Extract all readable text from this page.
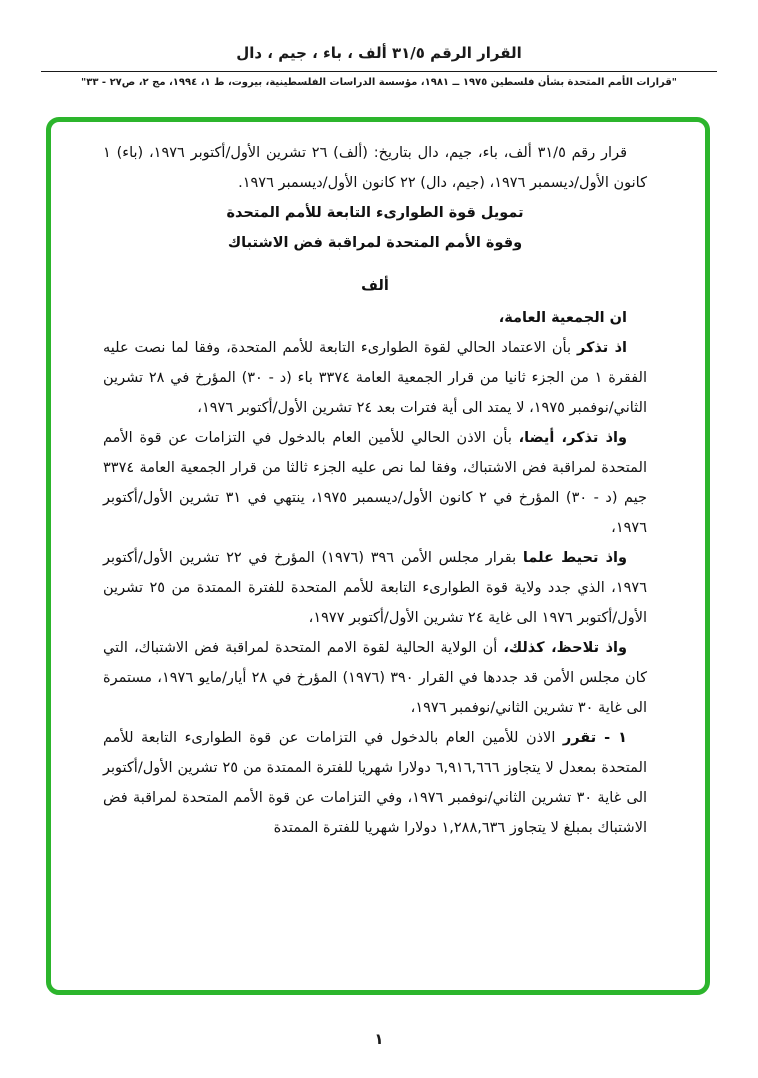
القرار الرقم ٣١/٥ ألف ، باء ، جيم ، دال
"قرارات الأمم المتحدة بشأن فلسطين ١٩٧٥ ــ ١٩٨١، مؤسسة الدراسات الفلسطينية، بيروت، ط ١، ١٩٩٤، مج ٢، ص٢٧ - ٣٣"

قرار رقم ٣١/٥ ألف، باء، جيم، دال بتاريخ: (ألف) ٢٦ تشرين الأول/أكتوبر ١٩٧٦، (باء) ١ كانون الأول/ديسمبر ١٩٧٦، (جيم، دال) ٢٢ كانون الأول/ديسمبر ١٩٧٦.

تمويل قوة الطوارىء التابعة للأمم المتحدة

وقوة الأمم المتحدة لمراقبة فض الاشتباك

ألف

ان الجمعية العامة،

اذ تذكر بأن الاعتماد الحالي لقوة الطوارىء التابعة للأمم المتحدة، وفقا لما نصت عليه الفقرة ١ من الجزء ثانيا من قرار الجمعية العامة ٣٣٧٤ باء (د - ٣٠) المؤرخ في ٢٨ تشرين الثاني/نوفمبر ١٩٧٥، لا يمتد الى أية فترات بعد ٢٤ تشرين الأول/أكتوبر ١٩٧٦،

واذ تذكر، أيضا، بأن الاذن الحالي للأمين العام بالدخول في التزامات عن قوة الأمم المتحدة لمراقبة فض الاشتباك، وفقا لما نص عليه الجزء ثالثا من قرار الجمعية العامة ٣٣٧٤ جيم (د - ٣٠) المؤرخ في ٢ كانون الأول/ديسمبر ١٩٧٥، ينتهي في ٣١ تشرين الأول/أكتوبر ١٩٧٦،

واذ تحيط علما بقرار مجلس الأمن ٣٩٦ (١٩٧٦) المؤرخ في ٢٢ تشرين الأول/أكتوبر ١٩٧٦، الذي جدد ولاية قوة الطوارىء التابعة للأمم المتحدة للفترة الممتدة من ٢٥ تشرين الأول/أكتوبر ١٩٧٦ الى غاية ٢٤ تشرين الأول/أكتوبر ١٩٧٧،

واذ تلاحظ، كذلك، أن الولاية الحالية لقوة الامم المتحدة لمراقبة فض الاشتباك، التي كان مجلس الأمن قد جددها في القرار ٣٩٠ (١٩٧٦) المؤرخ في ٢٨ أيار/مايو ١٩٧٦، مستمرة الى غاية ٣٠ تشرين الثاني/نوفمبر ١٩٧٦،

١ - تقرر الاذن للأمين العام بالدخول في التزامات عن قوة الطوارىء التابعة للأمم المتحدة بمعدل لا يتجاوز ٦,٩١٦,٦٦٦ دولارا شهريا للفترة الممتدة من ٢٥ تشرين الأول/أكتوبر الى غاية ٣٠ تشرين الثاني/نوفمبر ١٩٧٦، وفي التزامات عن قوة الأمم المتحدة لمراقبة فض الاشتباك بمبلغ لا يتجاوز ١,٢٨٨,٦٣٦ دولارا شهريا للفترة الممتدة

١
